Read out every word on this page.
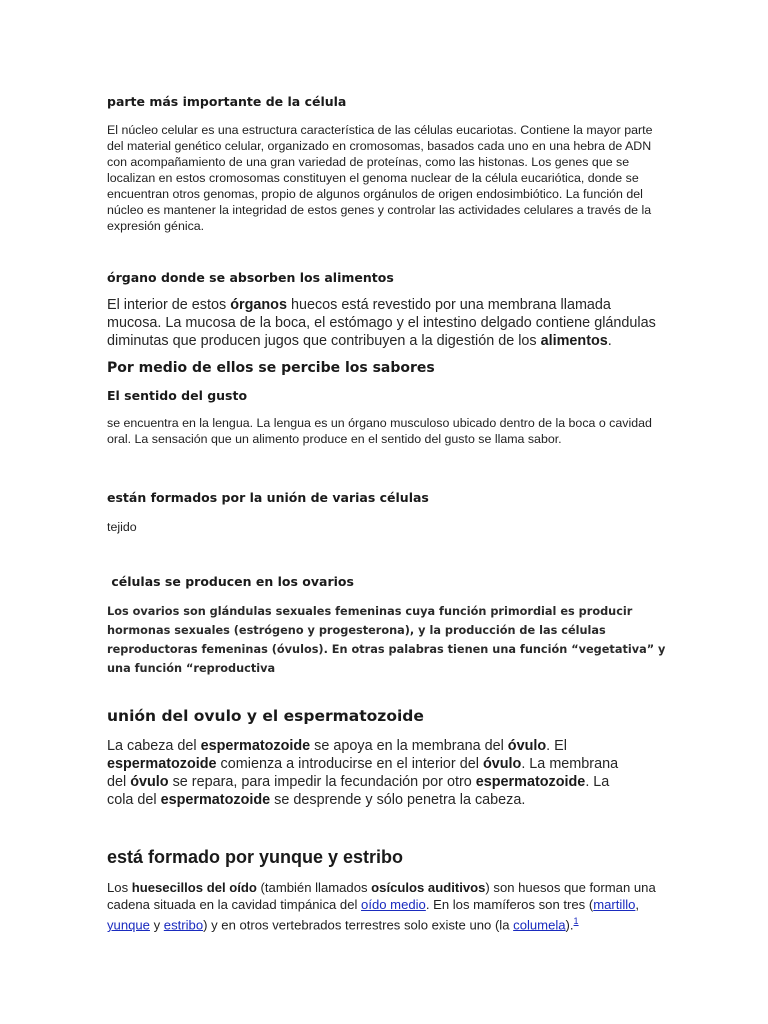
parte más importante de la célula

El núcleo celular es una estructura característica de las células eucariotas. Contiene la mayor parte del material genético celular, organizado en cromosomas, basados cada uno en una hebra de ADN con acompañamiento de una gran variedad de proteínas, como las histonas. Los genes que se localizan en estos cromosomas constituyen el genoma nuclear de la célula eucariótica, donde se encuentran otros genomas, propio de algunos orgánulos de origen endosimbiótico. La función del núcleo es mantener la integridad de estos genes y controlar las actividades celulares a través de la expresión génica.

órgano donde se absorben los alimentos

El interior de estos órganos huecos está revestido por una membrana llamada mucosa. La mucosa de la boca, el estómago y el intestino delgado contiene glándulas diminutas que producen jugos que contribuyen a la digestión de los alimentos.

Por medio de ellos se percibe los sabores
El sentido del gusto

se encuentra en la lengua. La lengua es un órgano musculoso ubicado dentro de la boca o cavidad oral. La sensación que un alimento produce en el sentido del gusto se llama sabor.

están formados por la unión de varias células

tejido

células se producen en los ovarios

Los ovarios son glándulas sexuales femeninas cuya función primordial es producir hormonas sexuales (estrógeno y progesterona), y la producción de las células reproductoras femeninas (óvulos). En otras palabras tienen una función “vegetativa” y una función “reproductiva

unión del ovulo y el espermatozoide

La cabeza del espermatozoide se apoya en la membrana del óvulo. El espermatozoide comienza a introducirse en el interior del óvulo. La membrana del óvulo se repara, para impedir la fecundación por otro espermatozoide. La cola del espermatozoide se desprende y sólo penetra la cabeza.

está formado por yunque y estribo

Los huesecillos del oído (también llamados osículos auditivos) son huesos que forman una cadena situada en la cavidad timpánica del oído medio. En los mamíferos son tres (martillo, yunque y estribo) y en otros vertebrados terrestres solo existe uno (la columela).$^1$
